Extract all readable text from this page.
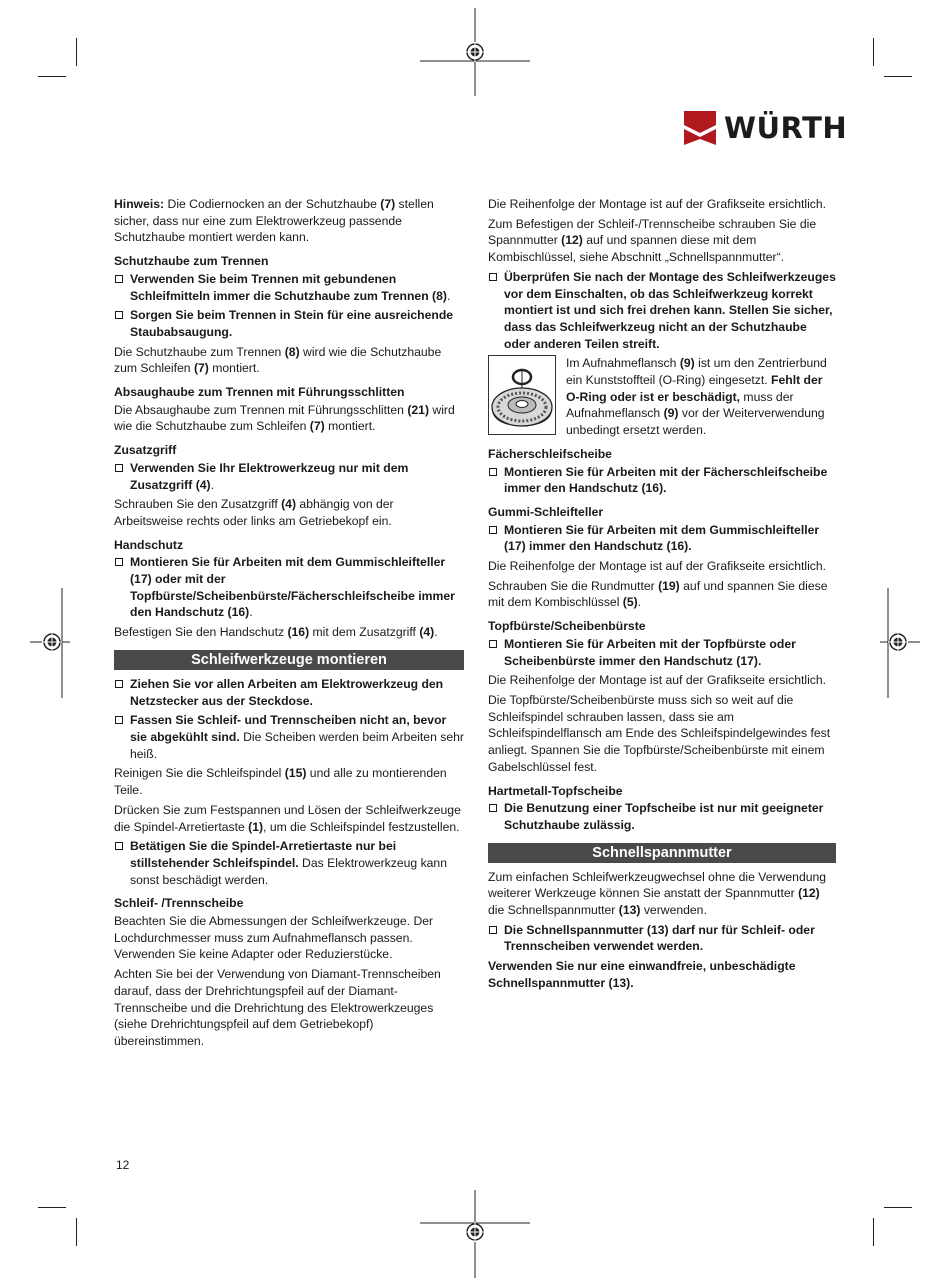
WÜRTH

Hinweis: Die Codiernocken an der Schutzhaube (7) stellen sicher, dass nur eine zum Elektrowerkzeug passende Schutzhaube montiert werden kann.

Schutzhaube zum Trennen
Verwenden Sie beim Trennen mit gebundenen Schleifmitteln immer die Schutzhaube zum Trennen (8).
Sorgen Sie beim Trennen in Stein für eine ausreichende Staubabsaugung.

Die Schutzhaube zum Trennen (8) wird wie die Schutzhaube zum Schleifen (7) montiert.

Absaughaube zum Trennen mit Führungsschlitten

Die Absaughaube zum Trennen mit Führungsschlitten (21) wird wie die Schutzhaube zum Schleifen (7) montiert.

Zusatzgriff
Verwenden Sie Ihr Elektrowerkzeug nur mit dem Zusatzgriff (4).

Schrauben Sie den Zusatzgriff (4) abhängig von der Arbeitsweise rechts oder links am Getriebekopf ein.

Handschutz
Montieren Sie für Arbeiten mit dem Gummischleifteller (17) oder mit der Topfbürste/Scheibenbürste/Fächerschleifscheibe immer den Handschutz (16).

Befestigen Sie den Handschutz (16) mit dem Zusatzgriff (4).

Schleifwerkzeuge montieren
Ziehen Sie vor allen Arbeiten am Elektrowerkzeug den Netzstecker aus der Steckdose.
Fassen Sie Schleif- und Trennscheiben nicht an, bevor sie abgekühlt sind. Die Scheiben werden beim Arbeiten sehr heiß.

Reinigen Sie die Schleifspindel (15) und alle zu montierenden Teile.

Drücken Sie zum Festspannen und Lösen der Schleifwerkzeuge die Spindel-Arretiertaste (1), um die Schleifspindel festzustellen.

Betätigen Sie die Spindel-Arretiertaste nur bei stillstehender Schleifspindel. Das Elektrowerkzeug kann sonst beschädigt werden.
Schleif- /Trennscheibe

Beachten Sie die Abmessungen der Schleifwerkzeuge. Der Lochdurchmesser muss zum Aufnahmeflansch passen. Verwenden Sie keine Adapter oder Reduzierstücke.

Achten Sie bei der Verwendung von Diamant-Trennscheiben darauf, dass der Drehrichtungspfeil auf der Diamant-Trennscheibe und die Drehrichtung des Elektrowerkzeuges (siehe Drehrichtungspfeil auf dem Getriebekopf) übereinstimmen.

Die Reihenfolge der Montage ist auf der Grafikseite ersichtlich.

Zum Befestigen der Schleif-/Trennscheibe schrauben Sie die Spannmutter (12) auf und spannen diese mit dem Kombischlüssel, siehe Abschnitt „Schnellspannmutter“.

Überprüfen Sie nach der Montage des Schleifwerkzeuges vor dem Einschalten, ob das Schleifwerkzeug korrekt montiert ist und sich frei drehen kann. Stellen Sie sicher, dass das Schleifwerkzeug nicht an der Schutzhaube oder anderen Teilen streift.

Im Aufnahmeflansch (9) ist um den Zentrierbund ein Kunststoffteil (O-Ring) eingesetzt. Fehlt der O-Ring oder ist er beschädigt, muss der Aufnahmeflansch (9) vor der Weiterverwendung unbedingt ersetzt werden.

Fächerschleifscheibe
Montieren Sie für Arbeiten mit der Fächerschleifscheibe immer den Handschutz (16).
Gummi-Schleifteller
Montieren Sie für Arbeiten mit dem Gummischleifteller (17) immer den Handschutz (16).

Die Reihenfolge der Montage ist auf der Grafikseite ersichtlich.

Schrauben Sie die Rundmutter (19) auf und spannen Sie diese mit dem Kombischlüssel (5).

Topfbürste/Scheibenbürste
Montieren Sie für Arbeiten mit der Topfbürste oder Scheibenbürste immer den Handschutz (17).

Die Reihenfolge der Montage ist auf der Grafikseite ersichtlich.

Die Topfbürste/Scheibenbürste muss sich so weit auf die Schleifspindel schrauben lassen, dass sie am Schleifspindelflansch am Ende des Schleifspindelgewindes fest anliegt. Spannen Sie die Topfbürste/Scheibenbürste mit einem Gabelschlüssel fest.

Hartmetall-Topfscheibe
Die Benutzung einer Topfscheibe ist nur mit geeigneter Schutzhaube zulässig.
Schnellspannmutter

Zum einfachen Schleifwerkzeugwechsel ohne die Verwendung weiterer Werkzeuge können Sie anstatt der Spannmutter (12) die Schnellspannmutter (13) verwenden.

Die Schnellspannmutter (13) darf nur für Schleif- oder Trennscheiben verwendet werden.

Verwenden Sie nur eine einwandfreie, unbeschädigte Schnellspannmutter (13).

12
